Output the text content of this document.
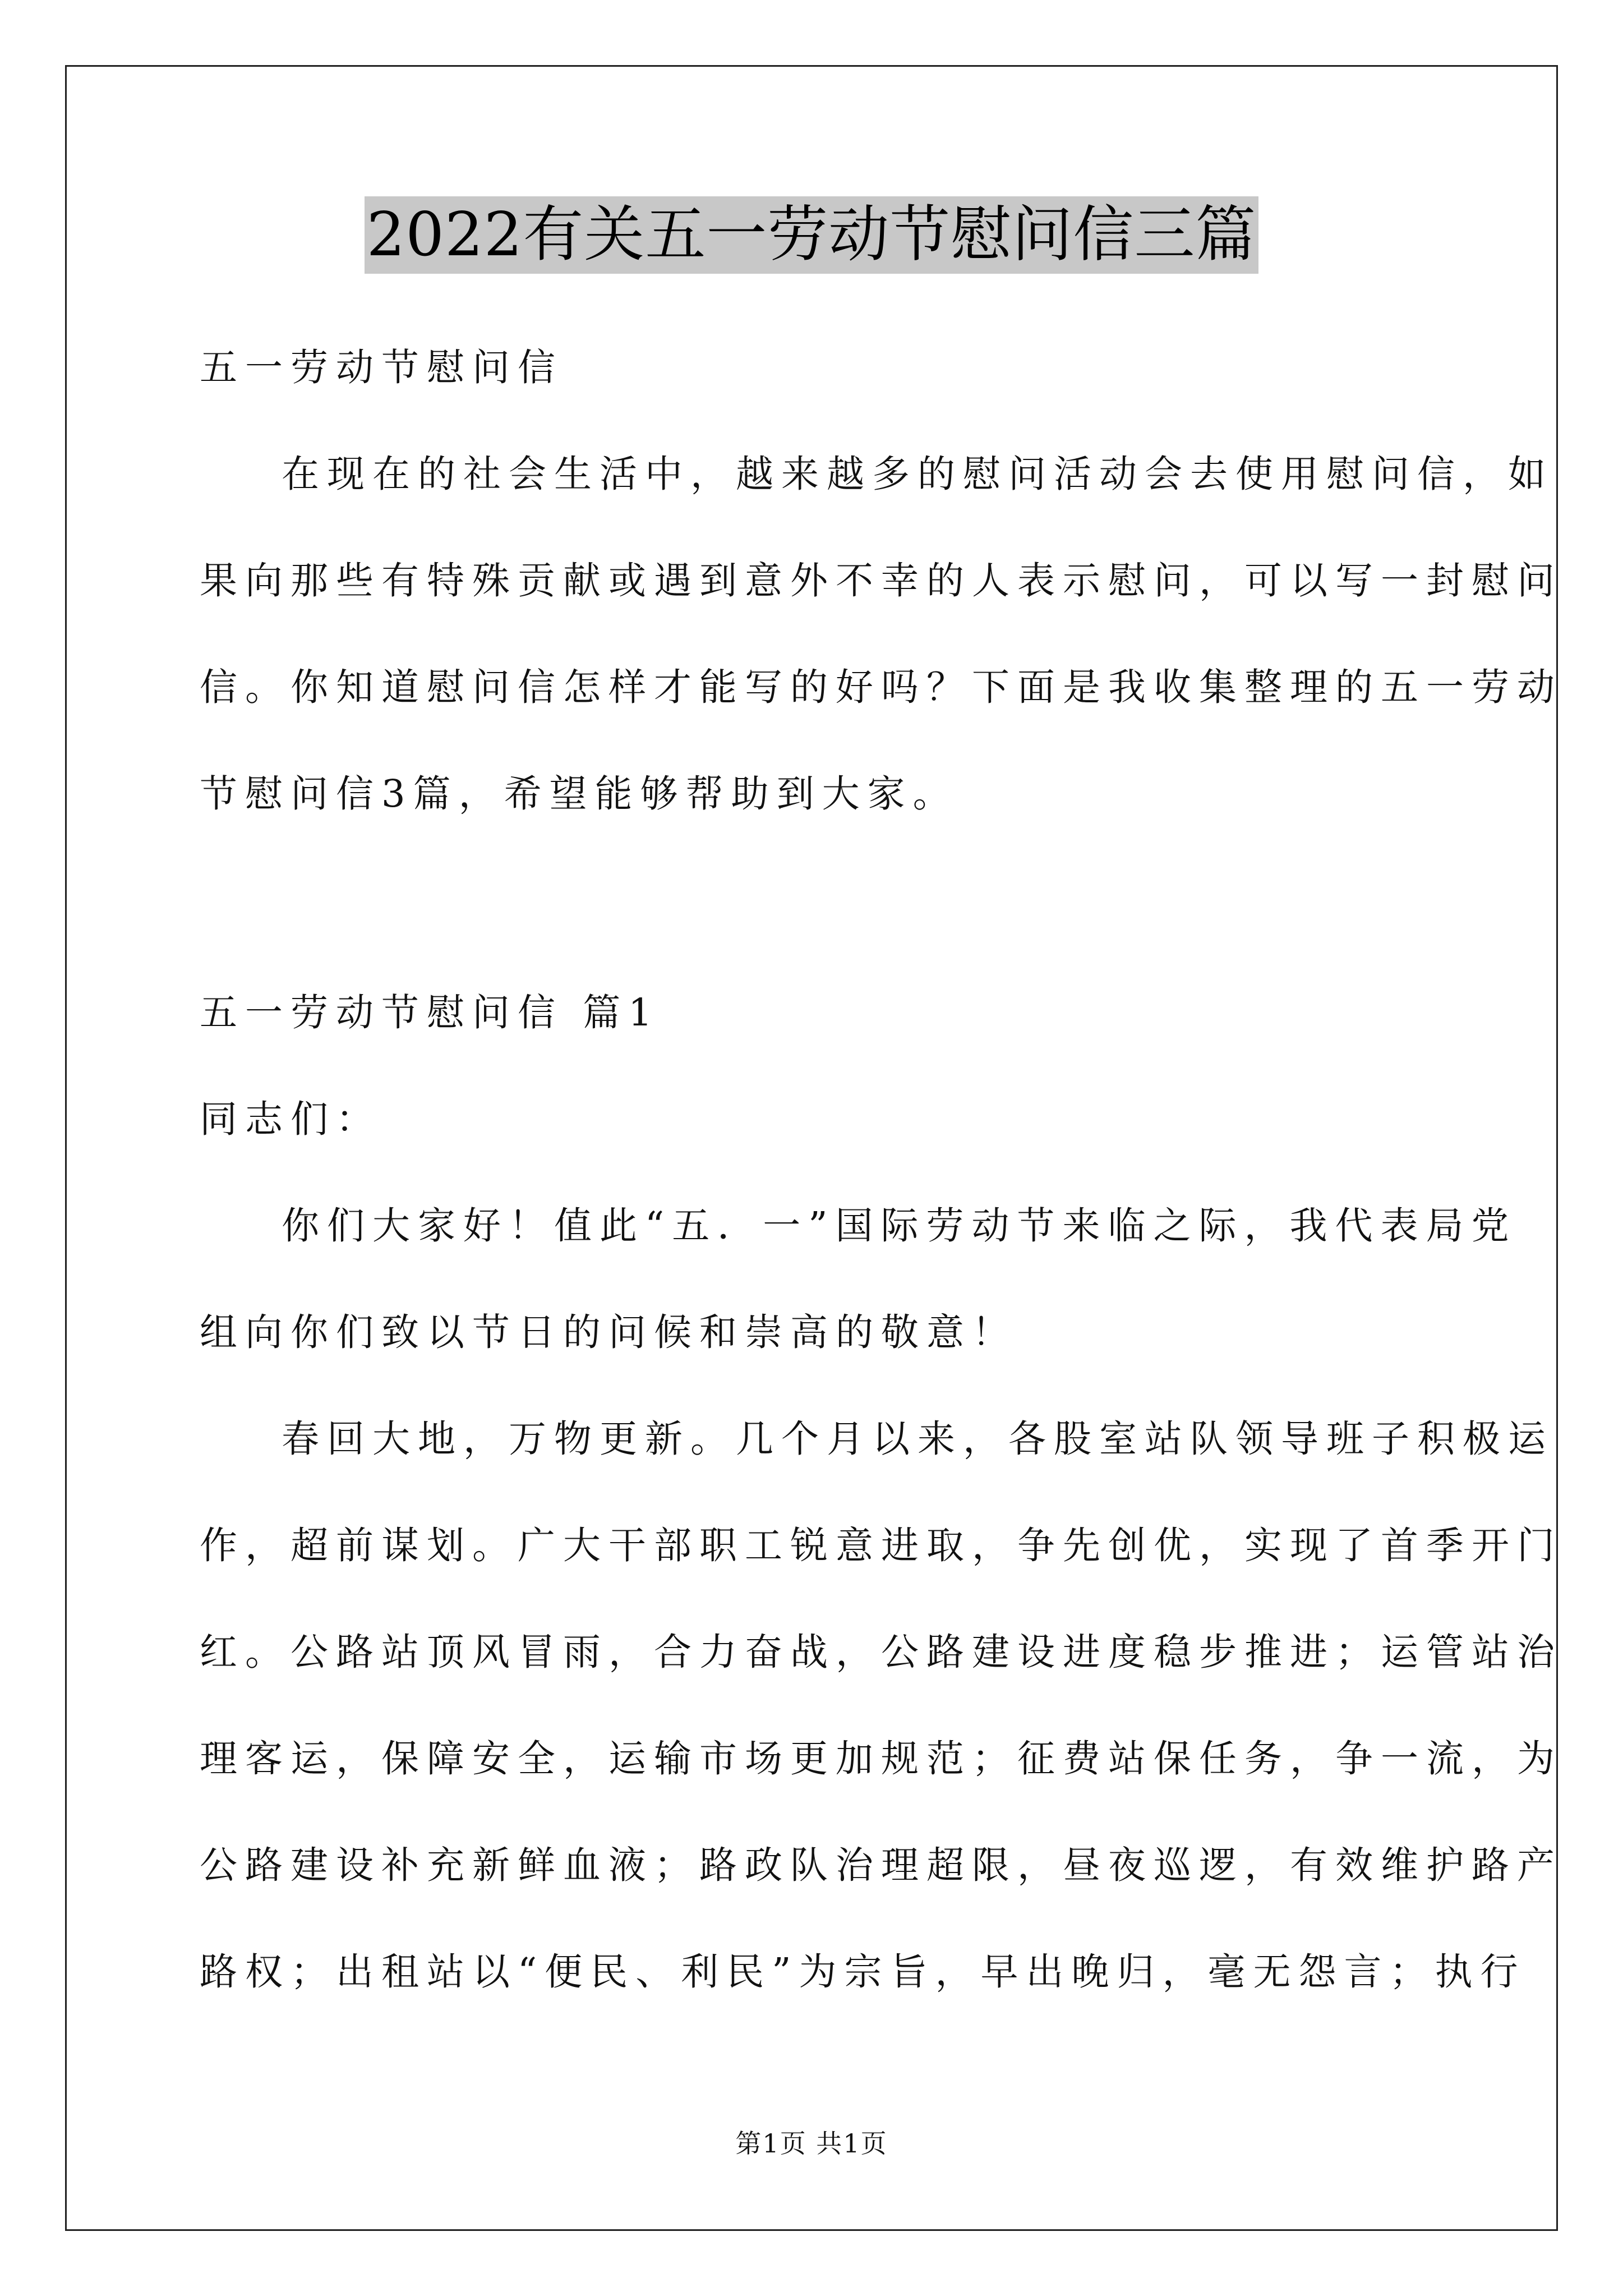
2022有关五一劳动节慰问信三篇
五一劳动节慰问信
在现在的社会生活中，越来越多的慰问活动会去使用慰问信，如
果向那些有特殊贡献或遇到意外不幸的人表示慰问，可以写一封慰问
信。你知道慰问信怎样才能写的好吗？下面是我收集整理的五一劳动
节慰问信3篇，希望能够帮助到大家。
五一劳动节慰问信 篇1
同志们：
你们大家好！值此“五．一”国际劳动节来临之际，我代表局党
组向你们致以节日的问候和崇高的敬意！
春回大地，万物更新。几个月以来，各股室站队领导班子积极运
作，超前谋划。广大干部职工锐意进取，争先创优，实现了首季开门
红。公路站顶风冒雨，合力奋战，公路建设进度稳步推进；运管站治
理客运，保障安全，运输市场更加规范；征费站保任务，争一流，为
公路建设补充新鲜血液；路政队治理超限，昼夜巡逻，有效维护路产
路权；出租站以“便民、利民”为宗旨，早出晚归，毫无怨言；执行
第1页 共1页
